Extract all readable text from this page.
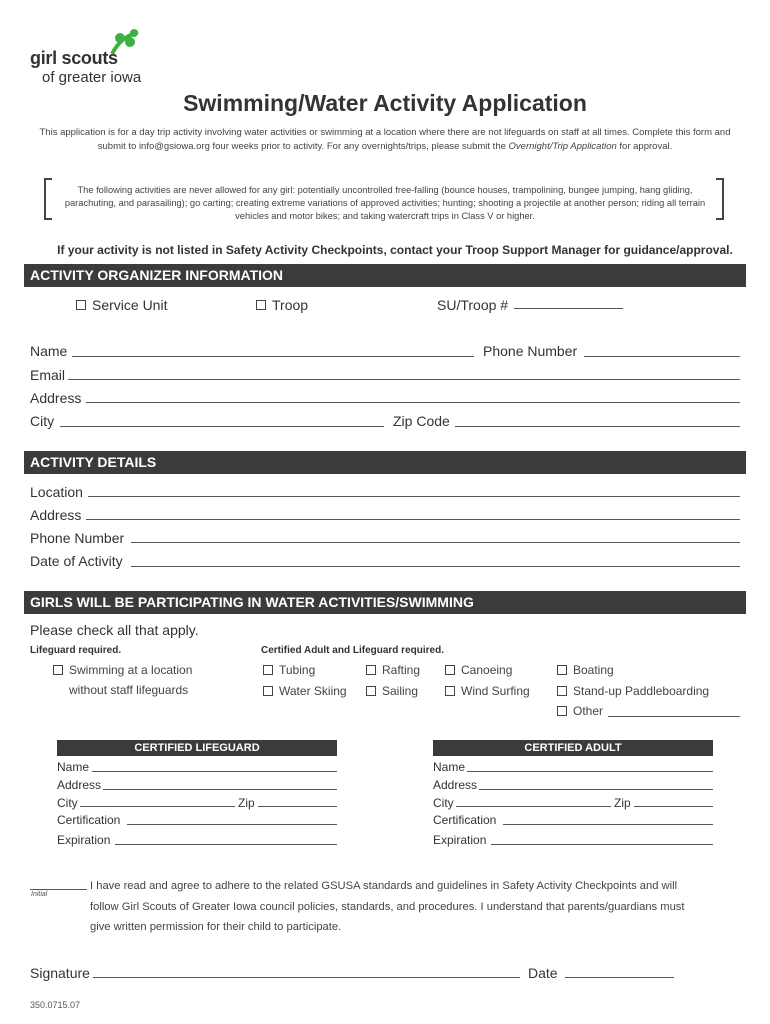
girl scouts
of greater iowa
Swimming/Water Activity Application
This application is for a day trip activity involving water activities or swimming at a location where there are not lifeguards on staff at all times. Complete this form and submit to info@gsiowa.org four weeks prior to activity. For any overnights/trips, please submit the Overnight/Trip Application for approval.
The following activities are never allowed for any girl: potentially uncontrolled free-falling (bounce houses, trampolining, bungee jumping, hang gliding, parachuting, and parasailing); go carting; creating extreme variations of approved activities; hunting; shooting a projectile at another person; riding all terrain vehicles and motor bikes; and taking watercraft trips in Class V or higher.
If your activity is not listed in Safety Activity Checkpoints, contact your Troop Support Manager for guidance/approval.
ACTIVITY ORGANIZER INFORMATION
Service Unit	Troop	SU/Troop #
Name	Phone Number
Email
Address
City	Zip Code
ACTIVITY DETAILS
Location
Address
Phone Number
Date of Activity
GIRLS WILL BE PARTICIPATING IN WATER ACTIVITIES/SWIMMING
Please check all that apply.
Lifeguard required.
Swimming at a location
without staff lifeguards
Certified Adult and Lifeguard required.
Tubing	Rafting	Canoeing	Boating
Water Skiing	Sailing	Wind Surfing	Stand-up Paddleboarding
Other
CERTIFIED LIFEGUARD
Name
Address
City	Zip
Certification
Expiration
CERTIFIED ADULT
Name
Address
City	Zip
Certification
Expiration
Initial
I have read and agree to adhere to the related GSUSA standards and guidelines in Safety Activity Checkpoints and will
follow Girl Scouts of Greater Iowa council policies, standards, and procedures. I understand that parents/guardians must
give written permission for their child to participate.
Signature	Date
350.0715.07
